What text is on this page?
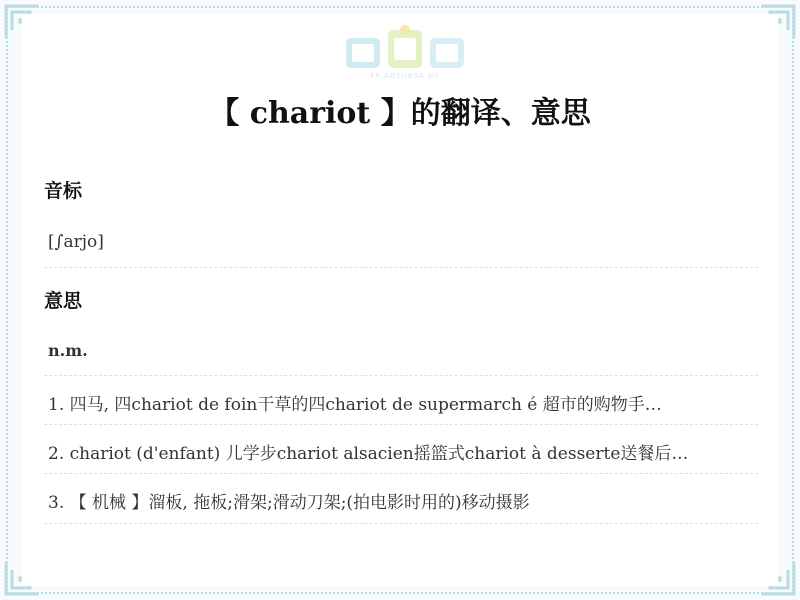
FR.ADSUBSA.NS
【 chariot 】的翻译、意思
音标
[∫arjo]
意思
n.m.
1. 四马, 四chariot de foin干草的四chariot de supermarch é 超市的购物手…
2. chariot (d'enfant) 儿学步chariot alsacien摇篮式chariot à desserte送餐后…
3. 【 机械 】溜板, 拖板;滑架;滑动刀架;(拍电影时用的)移动摄影
